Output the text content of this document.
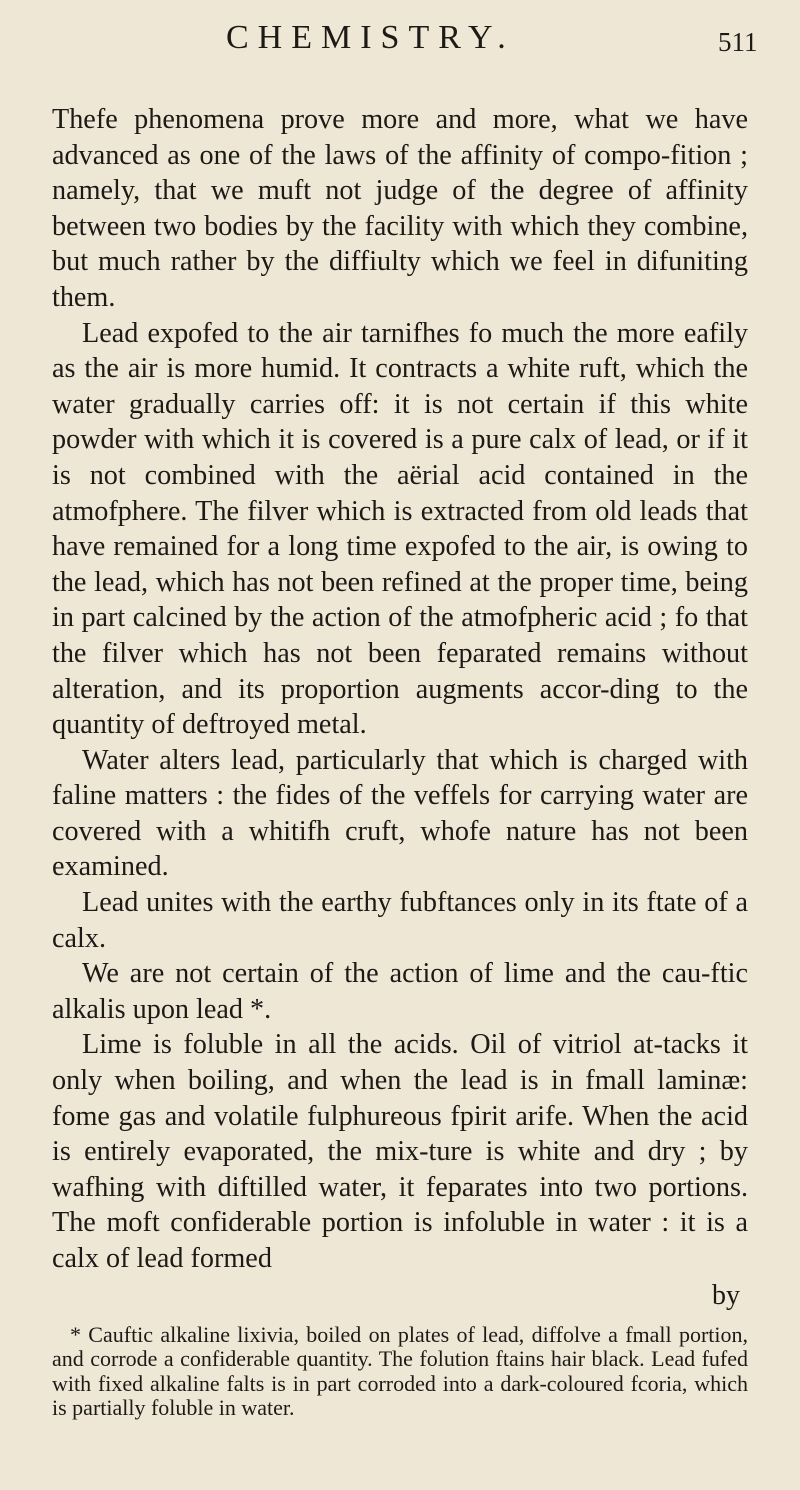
CHEMISTRY.	511

Thefe phenomena prove more and more, what we have advanced as one of the laws of the affinity of compo-fition ; namely, that we muft not judge of the degree of affinity between two bodies by the facility with which they combine, but much rather by the diffiulty which we feel in difuniting them.

Lead expofed to the air tarnifhes fo much the more eafily as the air is more humid. It contracts a white ruft, which the water gradually carries off: it is not certain if this white powder with which it is covered is a pure calx of lead, or if it is not combined with the aërial acid contained in the atmofphere. The filver which is extracted from old leads that have remained for a long time expofed to the air, is owing to the lead, which has not been refined at the proper time, being in part calcined by the action of the atmofpheric acid ; fo that the filver which has not been feparated remains without alteration, and its proportion augments accor-ding to the quantity of deftroyed metal.

Water alters lead, particularly that which is charged with faline matters : the fides of the veffels for carrying water are covered with a whitifh cruft, whofe nature has not been examined.

Lead unites with the earthy fubftances only in its ftate of a calx.

We are not certain of the action of lime and the cau-ftic alkalis upon lead *.

Lime is foluble in all the acids. Oil of vitriol at-tacks it only when boiling, and when the lead is in fmall laminæ: fome gas and volatile fulphureous fpirit arife. When the acid is entirely evaporated, the mix-ture is white and dry ; by wafhing with diftilled water, it feparates into two portions. The moft confiderable portion is infoluble in water : it is a calx of lead formed

by
* Cauftic alkaline lixivia, boiled on plates of lead, diffolve a fmall portion, and corrode a confiderable quantity. The folution ftains hair black. Lead fufed with fixed alkaline falts is in part corroded into a dark-coloured fcoria, which is partially foluble in water.
